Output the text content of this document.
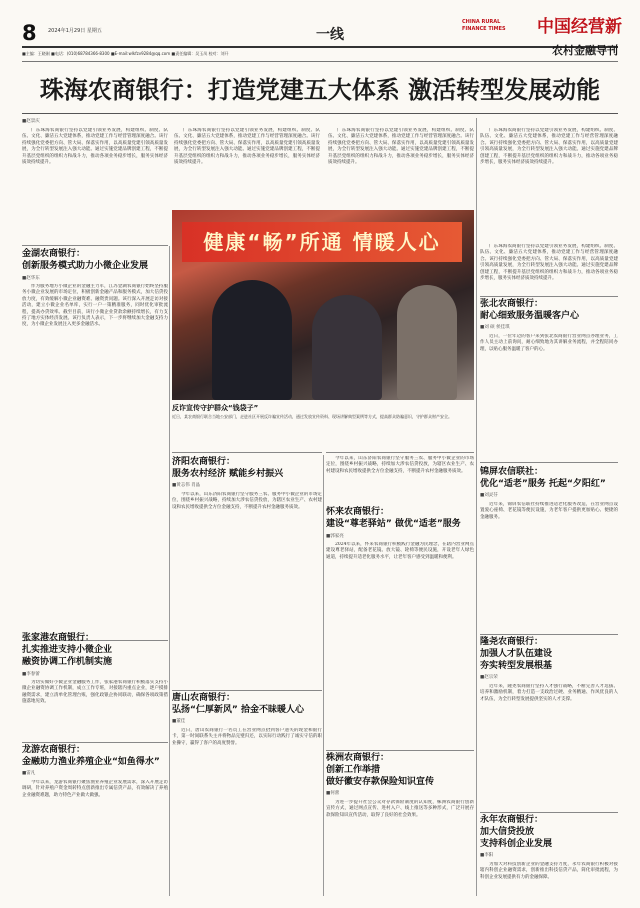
8	2024年1月29日 星期五	一线
CHINA RURAL FINANCE TIMES	中国经营新
■主编：王晓刚 ■电话：(010)68784366-8300 ■E-mail:wlkfzv9284@qq.com ■责任编辑：吴玉凤 校对：刘开	农村金融导刊
珠海农商银行：打造党建五大体系 激活转型发展动能
■赵景庆
广东珠海农商银行坚持以党建引领业务发展，构建组织、制度、队伍、文化、廉洁五大党建体系，推动党建工作与经营管理深度融合。该行持续强化党委把方向、管大局、保落实作用，以高质量党建引领高质量发展，为全行转型发展注入强大动能。通过实施党建品牌创建工程，不断提升基层党组织的组织力和战斗力，推动各项业务稳步增长，服务实体经济质效持续提升。
广东珠海农商银行坚持以党建引领业务发展，构建组织、制度、队伍、文化、廉洁五大党建体系，推动党建工作与经营管理深度融合。该行持续强化党委把方向、管大局、保落实作用，以高质量党建引领高质量发展，为全行转型发展注入强大动能。通过实施党建品牌创建工程，不断提升基层党组织的组织力和战斗力，推动各项业务稳步增长，服务实体经济质效持续提升。
广东珠海农商银行坚持以党建引领业务发展，构建组织、制度、队伍、文化、廉洁五大党建体系，推动党建工作与经营管理深度融合。该行持续强化党委把方向、管大局、保落实作用，以高质量党建引领高质量发展，为全行转型发展注入强大动能。通过实施党建品牌创建工程，不断提升基层党组织的组织力和战斗力，推动各项业务稳步增长，服务实体经济质效持续提升。
广东珠海农商银行坚持以党建引领业务发展，构建组织、制度、队伍、文化、廉洁五大党建体系，推动党建工作与经营管理深度融合。该行持续强化党委把方向、管大局、保落实作用，以高质量党建引领高质量发展，为全行转型发展注入强大动能。通过实施党建品牌创建工程，不断提升基层党组织的组织力和战斗力，推动各项业务稳步增长，服务实体经济质效持续提升。
健康“畅”所通 情暖人心
反诈宣传守护群众“钱袋子”
近日，某农商银行联合当地公安部门，走进社区开展反诈骗宣传活动，通过发放宣传资料、现场讲解典型案例等方式，提高群众防骗意识，守护群众财产安全。
金湖农商银行：
创新服务模式助力小微企业发展
■赵华东
作为服务地方小微企业的金融主力军，江苏金湖农商银行始终坚持服务小微企业发展的市场定位，积极创新金融产品和服务模式，加大信贷投放力度，有效缓解小微企业融资难、融资贵问题。该行深入开展走访对接活动，建立小微企业名单库，实行一户一策精准服务，同时优化审批流程，提高办贷效率。截至目前，该行小微企业贷款余额持续增长，有力支持了地方实体经济发展。该行负责人表示，下一步将继续加大金融支持力度，为小微企业发展注入更多金融活水。
张家港农商银行：
扎实推进支持小微企业
融资协调工作机制实施
■李春蕾
为切实做好小微企业金融服务工作，张家港农商银行积极落实支持小微企业融资协调工作机制，成立工作专班，对接辖内重点企业，逐户摸排融资需求，建立清单化管理台账，强化政银企协同联动，确保各项政策措施落地见效。
龙游农商银行：
金融助力渔业养殖企业“如鱼得水”
■雷凡
今年以来，龙游农商银行聚焦渔业养殖企业发展需求，深入开展走访调研，针对养殖户资金周转特点创新推出专属信贷产品，有效解决了养殖企业融资难题，助力特色产业做大做强。
济阳农商银行：
服务农村经济 赋能乡村振兴
■黄志伟 肖晶
今年以来，山东济阳农商银行坚守服务三农、服务中小微企业的市场定位，围绕乡村振兴战略，持续加大涉农信贷投放，为辖区农业生产、农村建设和农民增收提供全方位金融支持，不断提升农村金融服务质效。
唐山农商银行：
弘扬“仁厚新风” 拾金不昧暖人心
■董佳
近日，唐山农商银行一名员工在营业网点拾到客户遗失的现金和银行卡，第一时间联系失主并将物品完璧归还，以实际行动践行了诚实守信的职业操守，赢得了客户的高度赞誉。
怀来农商银行：
建设“尊老驿站” 做优“适老”服务
■郭家亮
2024年以来，怀来农商银行积极践行金融为民理念，在辖内营业网点建设尊老驿站，配备老花镜、放大镜、轮椅等便民设施，开设老年人绿色通道，持续提升适老化服务水平，让老年客户感受到温暖和便利。
今年以来，山东济阳农商银行坚守服务三农、服务中小微企业的市场定位，围绕乡村振兴战略，持续加大涉农信贷投放，为辖区农业生产、农村建设和农民增收提供全方位金融支持，不断提升农村金融服务质效。
株洲农商银行：
创新工作举措
做好徽安存款保险知识宣传
■何蕾
为进一步提升社会公众对存款保险制度的认知度，株洲农商银行创新宣传方式，通过网点宣传、进村入户、线上推送等多种形式，广泛开展存款保险知识宣传活动，取得了良好的社会效果。
广东珠海农商银行坚持以党建引领业务发展，构建组织、制度、队伍、文化、廉洁五大党建体系，推动党建工作与经营管理深度融合。该行持续强化党委把方向、管大局、保落实作用，以高质量党建引领高质量发展，为全行转型发展注入强大动能。通过实施党建品牌创建工程，不断提升基层党组织的组织力和战斗力，推动各项业务稳步增长，服务实体经济质效持续提升。
张北农商银行：
耐心细致服务温暖客户心
■刘 硕 侯佳琪
近日，一位年迈的客户来到张北农商银行营业网点办理业务，工作人员主动上前询问，耐心细致地为其讲解业务流程，并全程陪同办理，以贴心服务温暖了客户的心。
锦屏农信联社：
优化“适老”服务 托起“夕阳红”
■刘灵芬
近年来，锦屏农信联社持续推进适老化服务改造，在营业网点设置爱心座椅、老花镜等便民设施，为老年客户提供更加贴心、便捷的金融服务。
隆尧农商银行：
加强人才队伍建设
夯实转型发展根基
■赵宗荣
近年来，隆尧农商银行坚持人才强行战略，不断完善人才选拔、培养和激励机制，着力打造一支政治过硬、业务精通、作风优良的人才队伍，为全行转型发展提供坚实的人才支撑。
永年农商银行：
加大信贷投放
支持科创企业发展
■李阳
为加大对科技创新企业的金融支持力度，永年农商银行积极对接辖内科创企业融资需求，创新推出科技信贷产品，简化审批流程，为科创企业发展提供有力的金融保障。
